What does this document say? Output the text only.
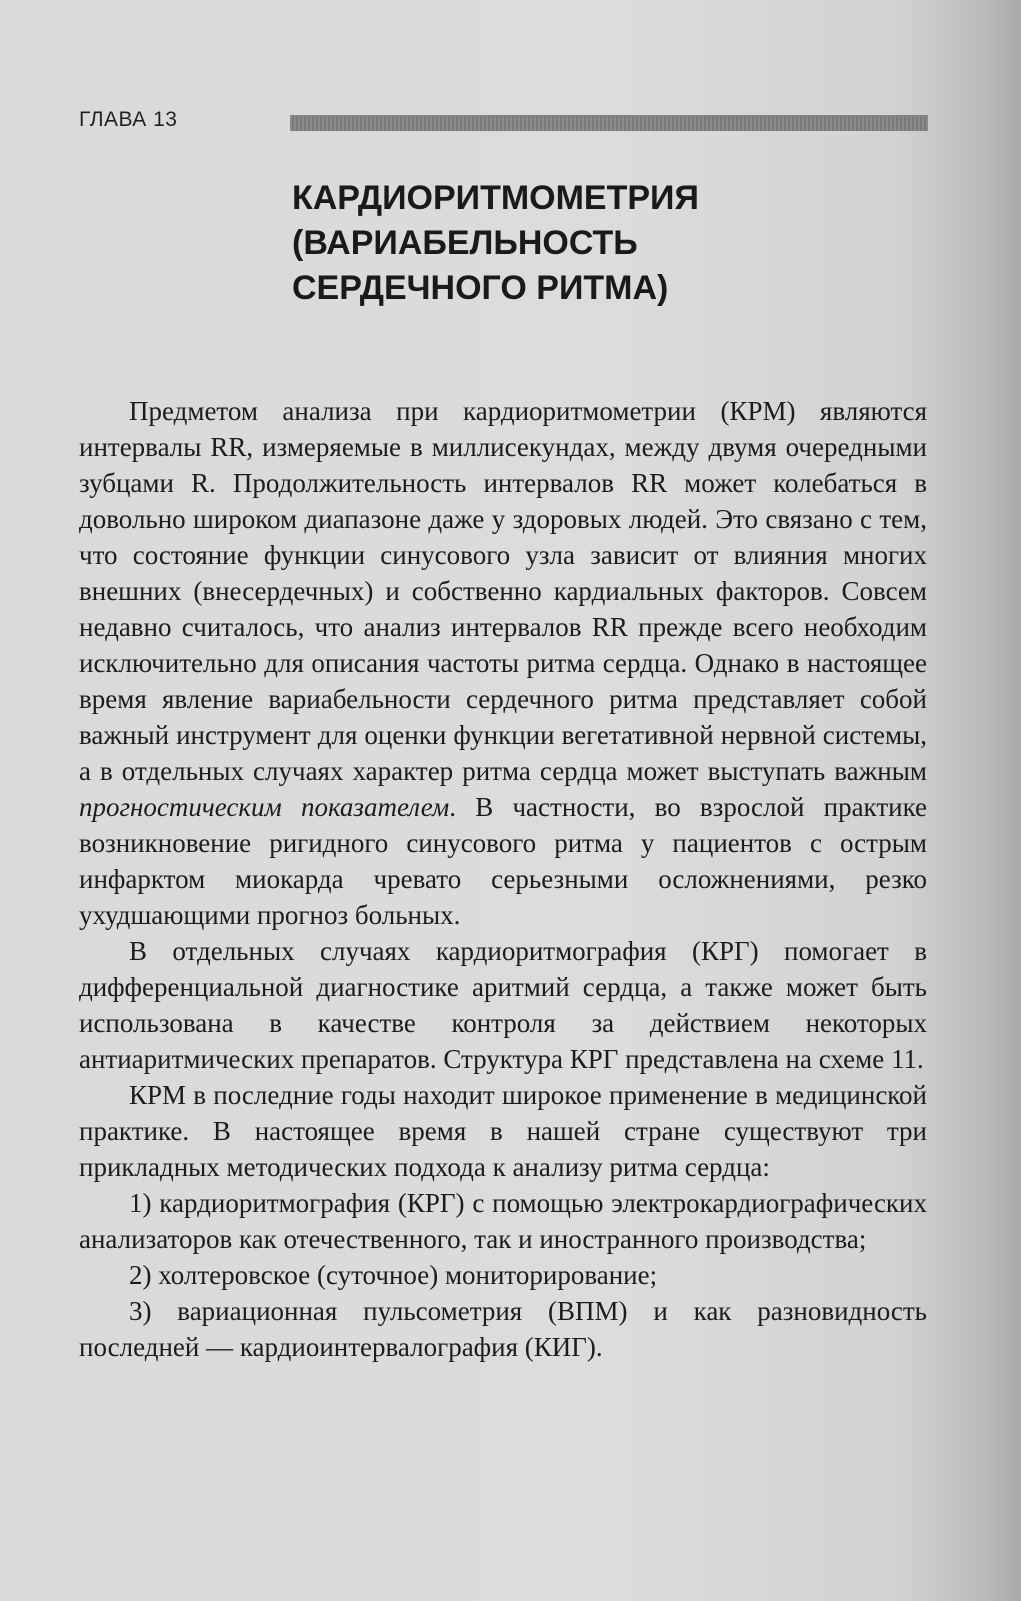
ГЛАВА 13
КАРДИОРИТМОМЕТРИЯ
(ВАРИАБЕЛЬНОСТЬ
СЕРДЕЧНОГО РИТМА)

Предметом анализа при кардиоритмометрии (КРМ) являются интервалы RR, измеряемые в миллисекундах, между двумя очередными зубцами R. Продолжительность интервалов RR может колебаться в довольно широком диапазоне даже у здоровых людей. Это связано с тем, что состояние функции синусового узла зависит от влияния многих внешних (внесердечных) и собственно кардиальных факторов. Совсем недавно считалось, что анализ интервалов RR прежде всего необходим исключительно для описания частоты ритма сердца. Однако в настоящее время явление вариабельности сердечного ритма представляет собой важный инструмент для оценки функции вегетативной нервной системы, а в отдельных случаях характер ритма сердца может выступать важным прогностическим показателем. В частности, во взрослой практике возникновение ригидного синусового ритма у пациентов с острым инфарктом миокарда чревато серьезными осложнениями, резко ухудшающими прогноз больных.

В отдельных случаях кардиоритмография (КРГ) помогает в дифференциальной диагностике аритмий сердца, а также может быть использована в качестве контроля за действием некоторых антиаритмических препаратов. Структура КРГ представлена на схеме 11.

КРМ в последние годы находит широкое применение в медицинской практике. В настоящее время в нашей стране существуют три прикладных методических подхода к анализу ритма сердца:

1) кардиоритмография (КРГ) с помощью электрокардиографических анализаторов как отечественного, так и иностранного производства;

2) холтеровское (суточное) мониторирование;

3) вариационная пульсометрия (ВПМ) и как разновидность последней — кардиоинтервалография (КИГ).
